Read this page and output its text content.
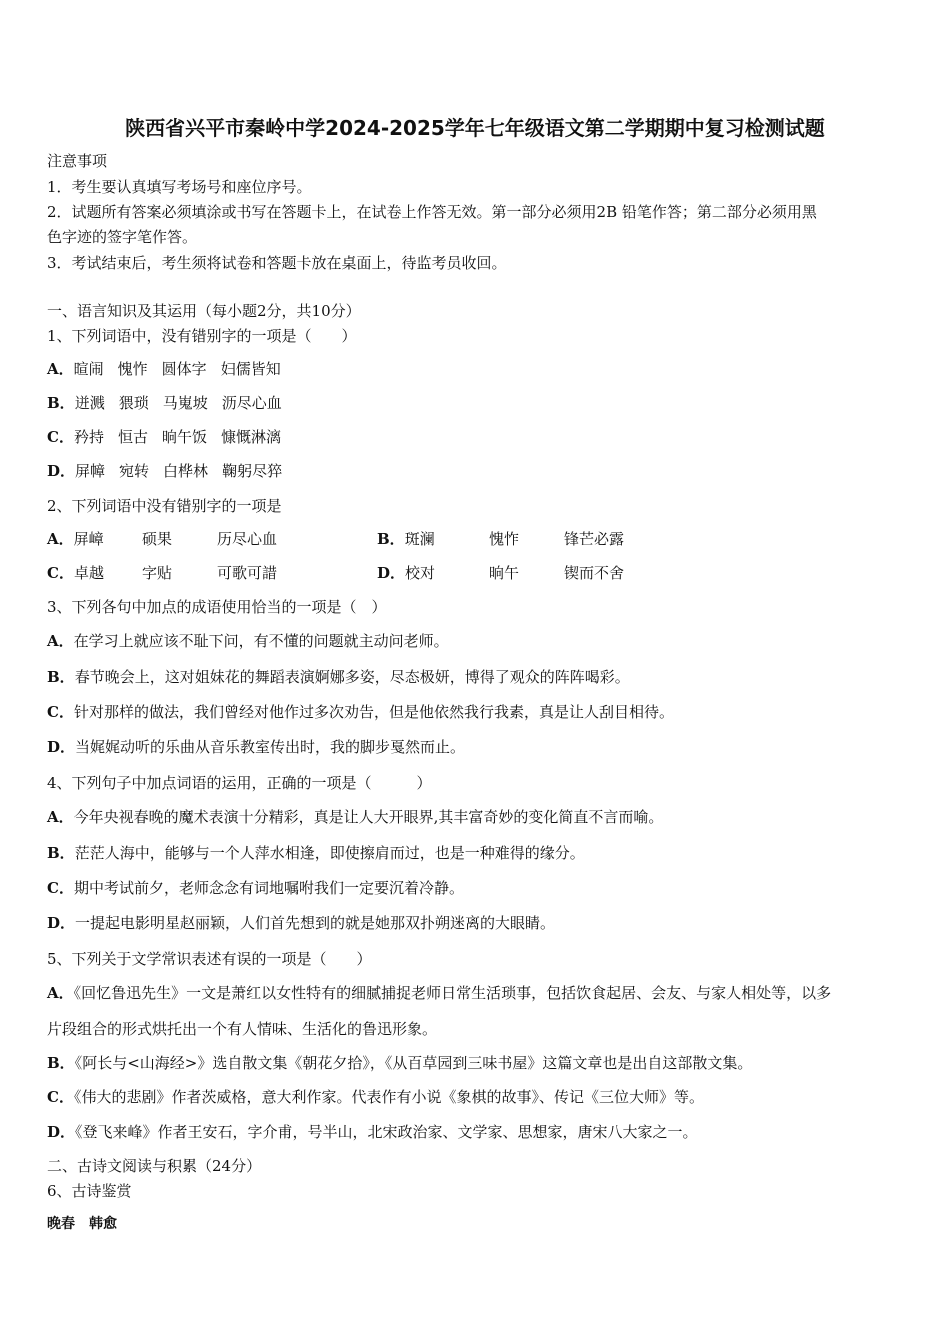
陕西省兴平市秦岭中学2024-2025学年七年级语文第二学期期中复习检测试题
注意事项
1．考生要认真填写考场号和座位序号。
2．试题所有答案必须填涂或书写在答题卡上，在试卷上作答无效。第一部分必须用2B 铅笔作答；第二部分必须用黑
色字迹的签字笔作答。
3．考试结束后，考生须将试卷和答题卡放在桌面上，待监考员收回。
一、语言知识及其运用（每小题2分，共10分）
1、下列词语中，没有错别字的一项是（　　）
A．暄闹 愧怍 圆体字 妇儒皆知
B．迸溅 猥琐 马嵬坡 沥尽心血
C．矜持 恒古 晌午饭 慷慨淋漓
D．屏幛 宛转 白桦林 鞠躬尽猝
2、下列词语中没有错别字的一项是
A．屏嶂	硕果	历尽心血	B．斑澜	愧怍	锋芒必露
C．卓越	字贴	可歌可諎	D．校对	晌午	锲而不舍
3、下列各句中加点的成语使用恰当的一项是（　）
A．在学习上就应该不耻下问，有不懂的问题就主动问老师。
B．春节晚会上，这对姐妹花的舞蹈表演婀娜多姿，尽态极妍，博得了观众的阵阵喝彩。
C．针对那样的做法，我们曾经对他作过多次劝告，但是他依然我行我素，真是让人刮目相待。
D．当娓娓动听的乐曲从音乐教室传出时，我的脚步戛然而止。
4、下列句子中加点词语的运用，正确的一项是（　　　）
A．今年央视春晚的魔术表演十分精彩，真是让人大开眼界,其丰富奇妙的变化简直不言而喻。
B．茫茫人海中，能够与一个人萍水相逢，即使擦肩而过，也是一种难得的缘分。
C．期中考试前夕，老师念念有词地嘱咐我们一定要沉着冷静。
D．一提起电影明星赵丽颖，人们首先想到的就是她那双扑朔迷离的大眼睛。
5、下列关于文学常识表述有误的一项是（　　）
A．《回忆鲁迅先生》一文是萧红以女性特有的细腻捕捉老师日常生活琐事，包括饮食起居、会友、与家人相处等，以多
片段组合的形式烘托出一个有人情味、生活化的鲁迅形象。
B．《阿长与<山海经>》选自散文集《朝花夕拾》，《从百草园到三味书屋》这篇文章也是出自这部散文集。
C．《伟大的悲剧》作者茨威格，意大利作家。代表作有小说《象棋的故事》、传记《三位大师》等。
D．《登飞来峰》作者王安石，字介甫，号半山，北宋政治家、文学家、思想家，唐宋八大家之一。
二、古诗文阅读与积累（24分）
6、古诗鉴赏
晚春 韩愈
